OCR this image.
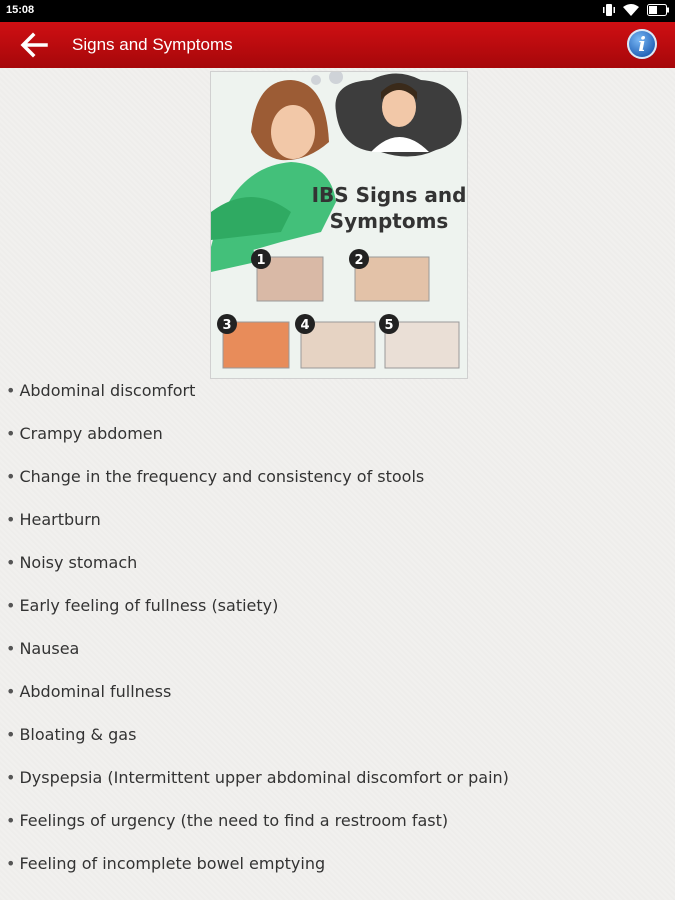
15:08
Signs and Symptoms	i
IBS Signs and
Symptoms
1	2
3	4	5
• Abdominal discomfort
• Crampy abdomen
• Change in the frequency and consistency of stools
• Heartburn
• Noisy stomach
• Early feeling of fullness (satiety)
• Nausea
• Abdominal fullness
• Bloating & gas
• Dyspepsia (Intermittent upper abdominal discomfort or pain)
• Feelings of urgency (the need to find a restroom fast)
• Feeling of incomplete bowel emptying
